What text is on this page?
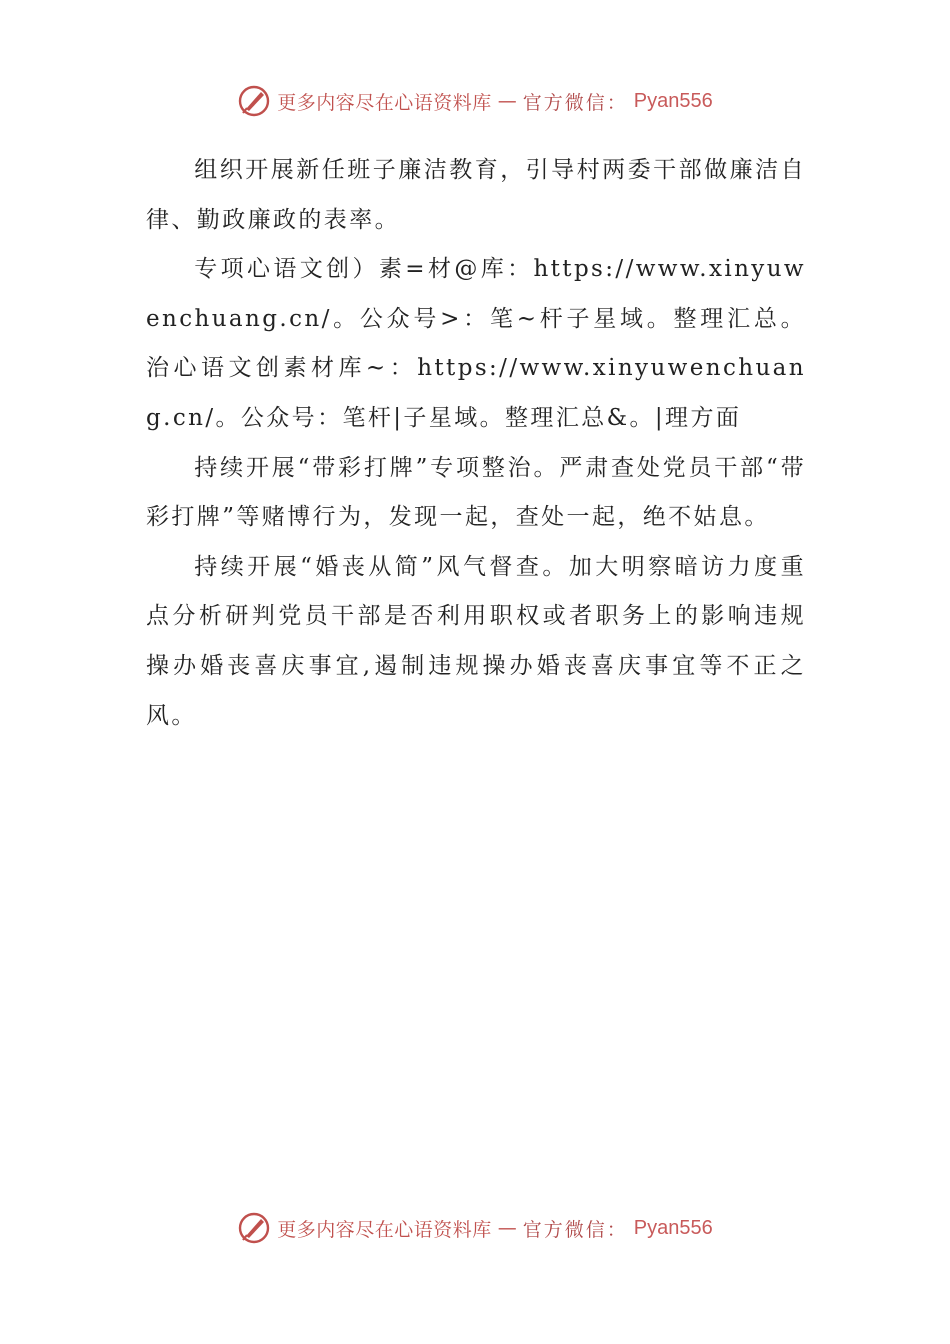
更多内容尽在心语资料库 — 官方微信： Pyan556

组织开展新任班子廉洁教育，引导村两委干部做廉洁自律、勤政廉政的表率。

专项心语文创）素=材@库：https://www.xinyuwenchuang.cn/。公众号>：笔~杆子星域。整理汇总。治心语文创素材库~：https://www.xinyuwenchuang.cn/。公众号：笔杆|子星域。整理汇总&。|理方面

持续开展“带彩打牌”专项整治。严肃查处党员干部“带彩打牌”等赌博行为，发现一起，查处一起，绝不姑息。

持续开展“婚丧从简”风气督查。加大明察暗访力度重点分析研判党员干部是否利用职权或者职务上的影响违规操办婚丧喜庆事宜,遏制违规操办婚丧喜庆事宜等不正之风。

更多内容尽在心语资料库 — 官方微信： Pyan556
